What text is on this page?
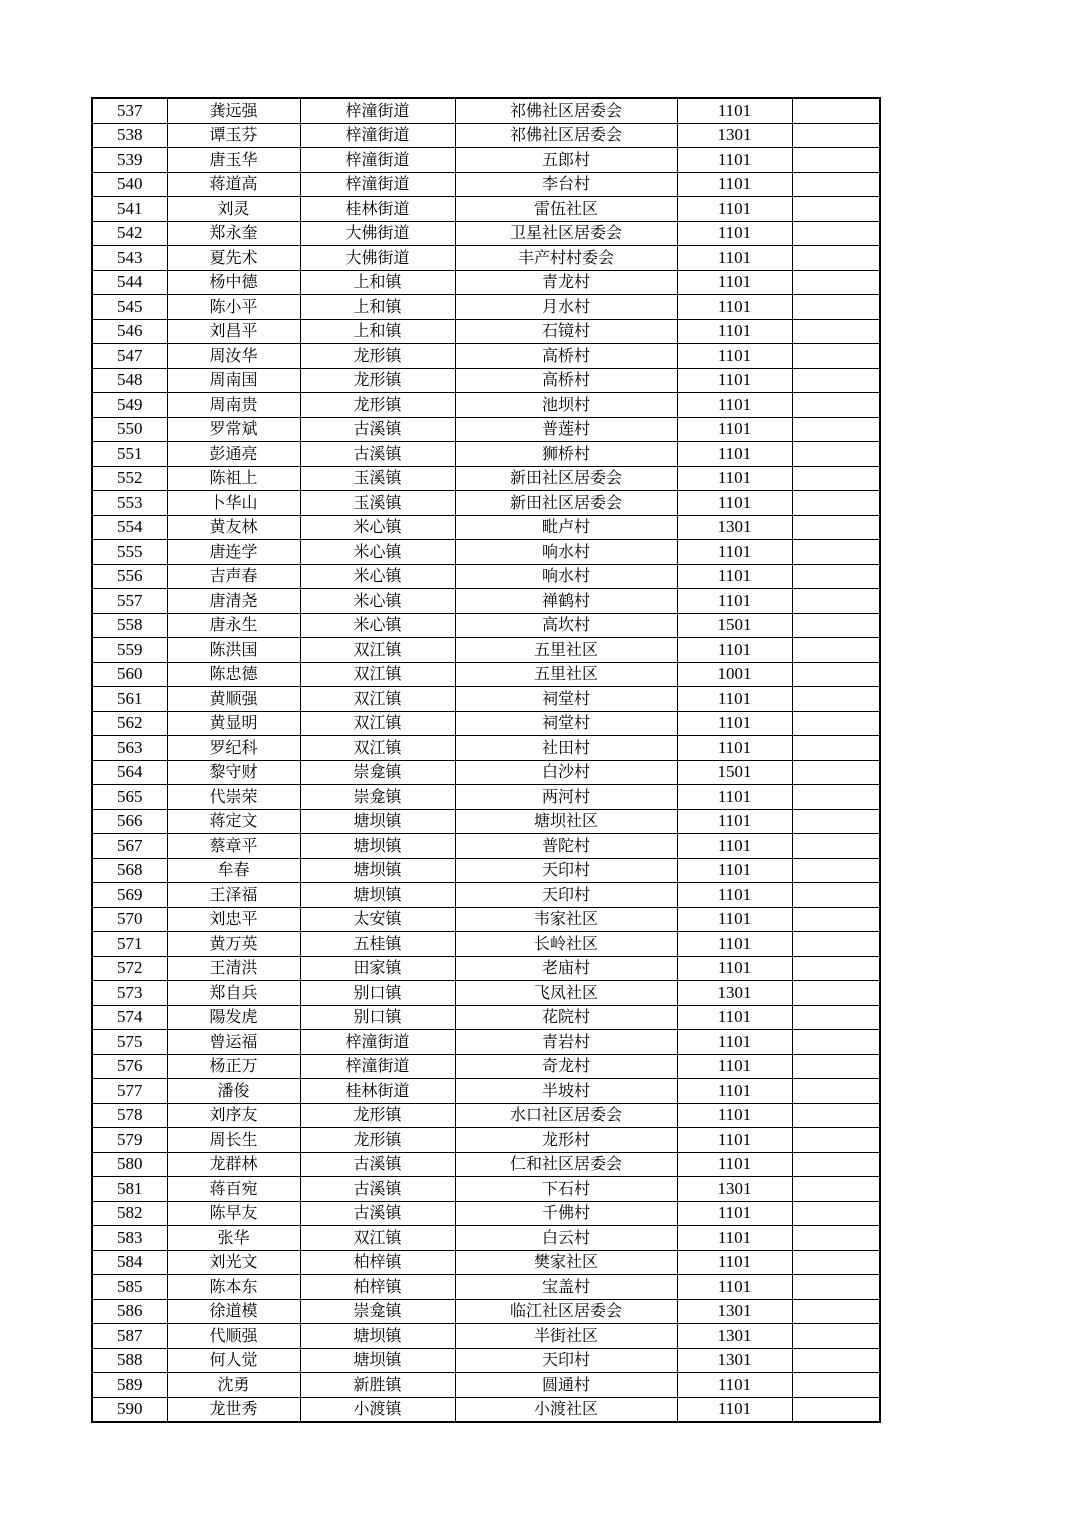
537	龚远强	梓潼街道	祁佛社区居委会	1101	
538	谭玉芬	梓潼街道	祁佛社区居委会	1301	
539	唐玉华	梓潼街道	五郎村	1101	
540	蒋道高	梓潼街道	李台村	1101	
541	刘灵	桂林街道	雷伍社区	1101	
542	郑永奎	大佛街道	卫星社区居委会	1101	
543	夏先术	大佛街道	丰产村村委会	1101	
544	杨中德	上和镇	青龙村	1101	
545	陈小平	上和镇	月水村	1101	
546	刘昌平	上和镇	石镜村	1101	
547	周汝华	龙形镇	高桥村	1101	
548	周南国	龙形镇	高桥村	1101	
549	周南贵	龙形镇	池坝村	1101	
550	罗常斌	古溪镇	普莲村	1101	
551	彭通亮	古溪镇	狮桥村	1101	
552	陈祖上	玉溪镇	新田社区居委会	1101	
553	卜华山	玉溪镇	新田社区居委会	1101	
554	黄友林	米心镇	毗卢村	1301	
555	唐连学	米心镇	响水村	1101	
556	吉声春	米心镇	响水村	1101	
557	唐清尧	米心镇	禅鹤村	1101	
558	唐永生	米心镇	高坎村	1501	
559	陈洪国	双江镇	五里社区	1101	
560	陈忠德	双江镇	五里社区	1001	
561	黄顺强	双江镇	祠堂村	1101	
562	黄显明	双江镇	祠堂村	1101	
563	罗纪科	双江镇	社田村	1101	
564	黎守财	崇龛镇	白沙村	1501	
565	代崇荣	崇龛镇	两河村	1101	
566	蒋定文	塘坝镇	塘坝社区	1101	
567	蔡章平	塘坝镇	普陀村	1101	
568	牟春	塘坝镇	天印村	1101	
569	王泽福	塘坝镇	天印村	1101	
570	刘忠平	太安镇	韦家社区	1101	
571	黄万英	五桂镇	长岭社区	1101	
572	王清洪	田家镇	老庙村	1101	
573	郑自兵	别口镇	飞凤社区	1301	
574	陽发虎	别口镇	花院村	1101	
575	曾运福	梓潼街道	青岩村	1101	
576	杨正万	梓潼街道	奇龙村	1101	
577	潘俊	桂林街道	半坡村	1101	
578	刘序友	龙形镇	水口社区居委会	1101	
579	周长生	龙形镇	龙形村	1101	
580	龙群林	古溪镇	仁和社区居委会	1101	
581	蒋百宛	古溪镇	下石村	1301	
582	陈早友	古溪镇	千佛村	1101	
583	张华	双江镇	白云村	1101	
584	刘光文	柏梓镇	樊家社区	1101	
585	陈本东	柏梓镇	宝盖村	1101	
586	徐道模	崇龛镇	临江社区居委会	1301	
587	代顺强	塘坝镇	半街社区	1301	
588	何人觉	塘坝镇	天印村	1301	
589	沈勇	新胜镇	圆通村	1101	
590	龙世秀	小渡镇	小渡社区	1101	
